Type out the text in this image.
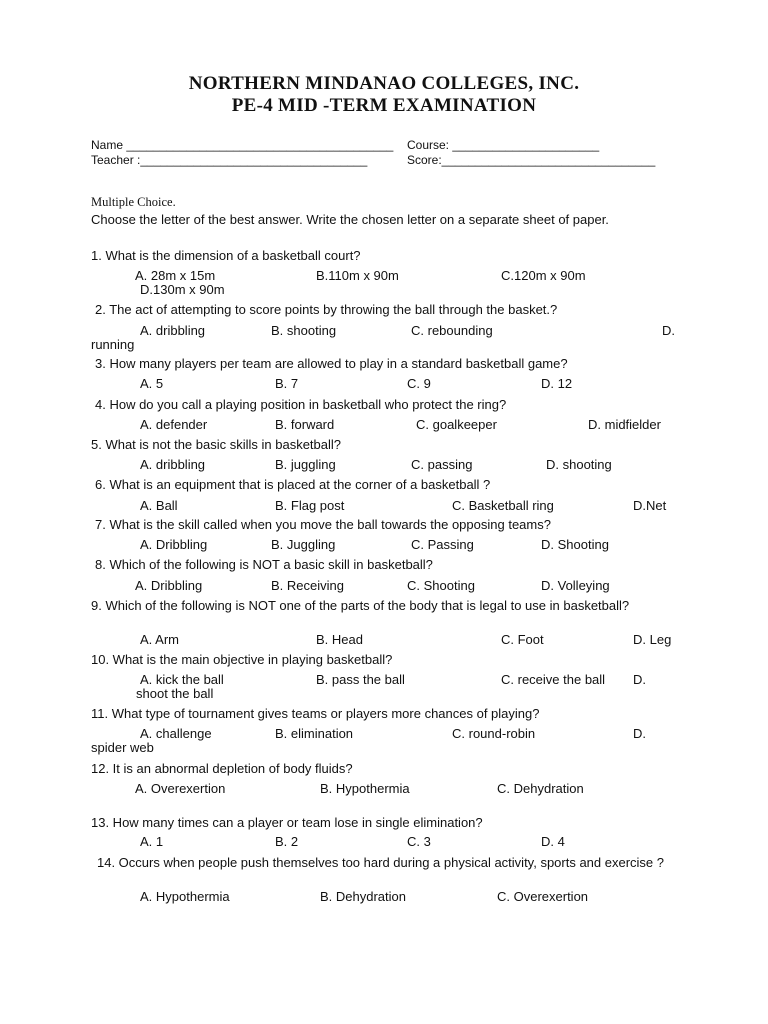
NORTHERN MINDANAO COLLEGES, INC.
PE-4 MID -TERM EXAMINATION
Name ________________________________________ Course: ______________________
Teacher :__________________________________	Score:________________________________
Multiple Choice.
Choose the letter of the best answer. Write the chosen letter on a separate sheet of paper.
1. What is the dimension of a basketball court?
A. 28m x 15m	B.110m x 90m	C.120m x 90m
D.130m x 90m
2. The act of attempting to score points by throwing the ball through the basket.?
A. dribbling	B. shooting	C. rebounding	D.
running
3. How many players per team are allowed to play in a standard basketball game?
A. 5	B. 7	C. 9	D. 12
4. How do you call a playing position in basketball who protect the ring?
A. defender	B. forward	C. goalkeeper	D. midfielder
5. What is not the basic skills in basketball?
A. dribbling	B. juggling	C. passing	D. shooting
6. What is an equipment that is placed at the corner of a basketball ?
A. Ball	B. Flag post	C. Basketball ring	D.Net
7. What is the skill called when you move the ball towards the opposing teams?
A. Dribbling	B. Juggling	C. Passing	D. Shooting
8. Which of the following is NOT a basic skill in basketball?
A. Dribbling	B. Receiving	C. Shooting	D. Volleying
9. Which of the following is NOT one of the parts of the body that is legal to use in basketball?
A. Arm	B. Head	C. Foot	D. Leg
10. What is the main objective in playing basketball?
A. kick the ball	B. pass the ball	C. receive the ball D.
shoot the ball
11. What type of tournament gives teams or players more chances of playing?
A. challenge	B. elimination	C. round-robin	D.
spider web
12. It is an abnormal depletion of body fluids?
A. Overexertion	B. Hypothermia	C. Dehydration
13. How many times can a player or team lose in single elimination?
A. 1	B. 2	C. 3	D. 4
14. Occurs when people push themselves too hard during a physical activity, sports and exercise ?
A. Hypothermia	B. Dehydration	C. Overexertion
